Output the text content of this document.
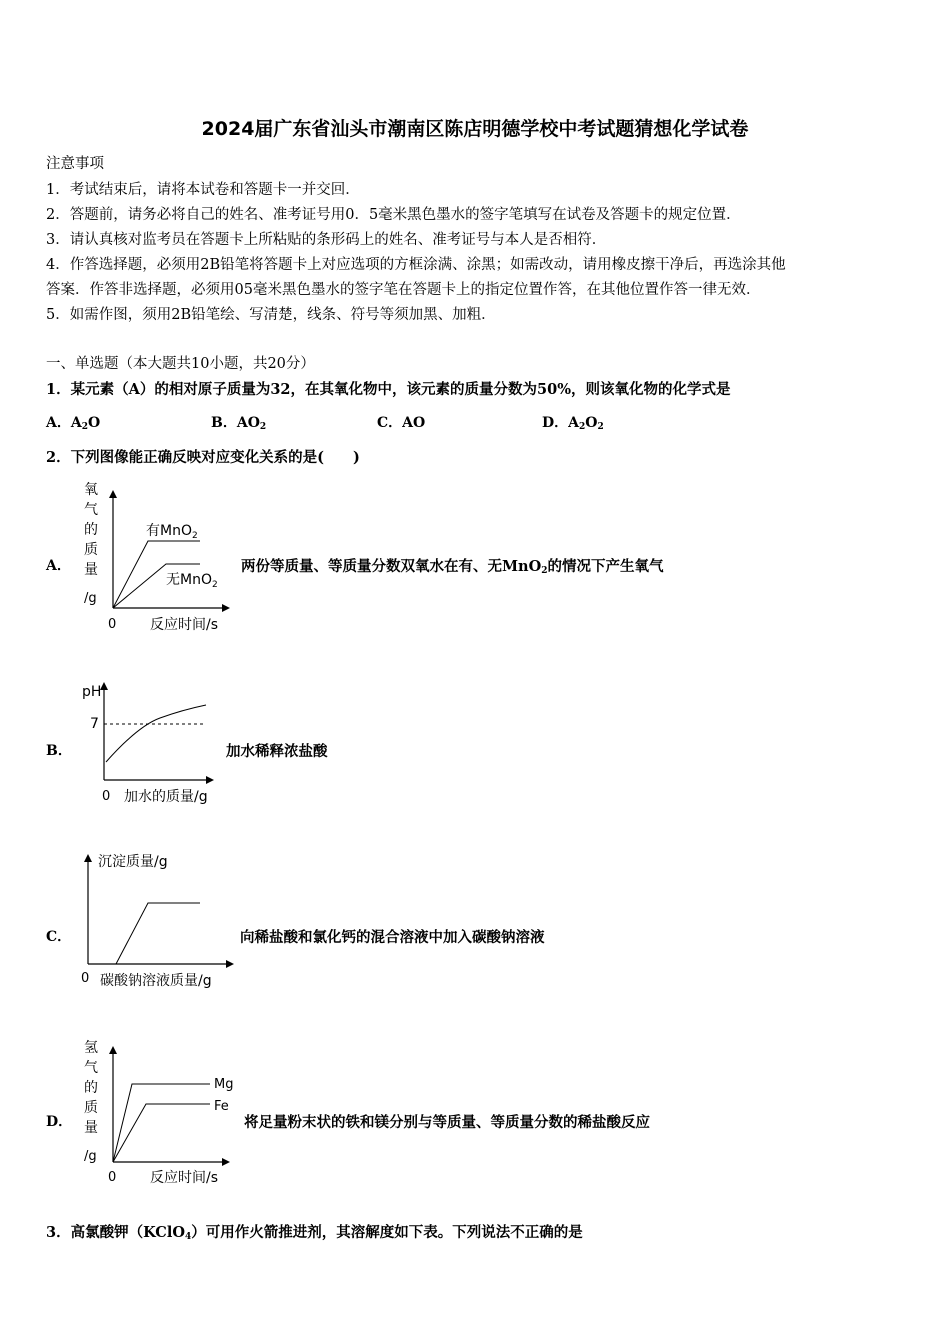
2024届广东省汕头市潮南区陈店明德学校中考试题猜想化学试卷
注意事项
1．考试结束后，请将本试卷和答题卡一并交回．
2．答题前，请务必将自己的姓名、准考证号用0．5毫米黑色墨水的签字笔填写在试卷及答题卡的规定位置．
3．请认真核对监考员在答题卡上所粘贴的条形码上的姓名、准考证号与本人是否相符．
4．作答选择题，必须用2B铅笔将答题卡上对应选项的方框涂满、涂黑；如需改动，请用橡皮擦干净后，再选涂其他
答案．作答非选择题，必须用05毫米黑色墨水的签字笔在答题卡上的指定位置作答，在其他位置作答一律无效．
5．如需作图，须用2B铅笔绘、写清楚，线条、符号等须加黑、加粗．
一、单选题（本大题共10小题，共20分）
1．某元素（A）的相对原子质量为32，在其氧化物中，该元素的质量分数为50%，则该氧化物的化学式是
A．$A_2O$	B．$AO_2$	C．AO	D．$A_2O_2$
2．下列图像能正确反映对应变化关系的是(　　)
A．
氧
气
的
质
量
/g
有MnO$_2$
无MnO$_2$
0 反应时间/s
两份等质量、等质量分数双氧水在有、无MnO$_2$的情况下产生氧气
B．
pH
7
0 加水的质量/g
加水稀释浓盐酸
C．
沉淀质量/g
0 碳酸钠溶液质量/g
向稀盐酸和氯化钙的混合溶液中加入碳酸钠溶液
D．
氢
气
的
质
量
/g
Mg
Fe
0 反应时间/s
将足量粉末状的铁和镁分别与等质量、等质量分数的稀盐酸反应
3．高氯酸钾（KClO$_4$）可用作火箭推进剂，其溶解度如下表。下列说法不正确的是
